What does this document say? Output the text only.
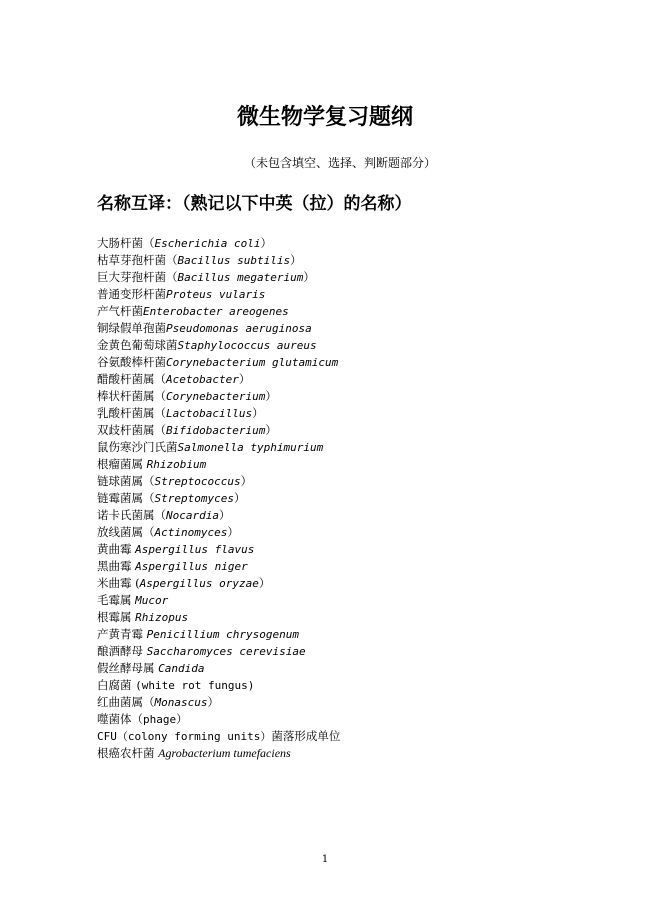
微生物学复习题纲
（未包含填空、选择、判断题部分）
名称互译：（熟记以下中英（拉）的名称）
大肠杆菌（Escherichia coli）
枯草芽孢杆菌（Bacillus subtilis）
巨大芽孢杆菌（Bacillus megaterium）
普通变形杆菌Proteus vularis
产气杆菌Enterobacter areogenes
铜绿假单孢菌Pseudomonas aeruginosa
金黄色葡萄球菌Staphylococcus aureus
谷氨酸棒杆菌Corynebacterium glutamicum
醋酸杆菌属（Acetobacter）
棒状杆菌属（Corynebacterium）
乳酸杆菌属（Lactobacillus）
双歧杆菌属（Bifidobacterium）
鼠伤寒沙门氏菌Salmonella typhimurium
根瘤菌属 Rhizobium
链球菌属（Streptococcus）
链霉菌属（Streptomyces）
诺卡氏菌属（Nocardia）
放线菌属（Actinomyces）
黄曲霉 Aspergillus flavus
黑曲霉 Aspergillus niger
米曲霉 (Aspergillus oryzae）
毛霉属 Mucor
根霉属 Rhizopus
产黄青霉 Penicillium chrysogenum
酿酒酵母 Saccharomyces cerevisiae
假丝酵母属 Candida
白腐菌 (white rot fungus)
红曲菌属（Monascus）
噬菌体（phage）
CFU（colony forming units）菌落形成单位
根癌农杆菌 Agrobacterium tumefaciens
1
